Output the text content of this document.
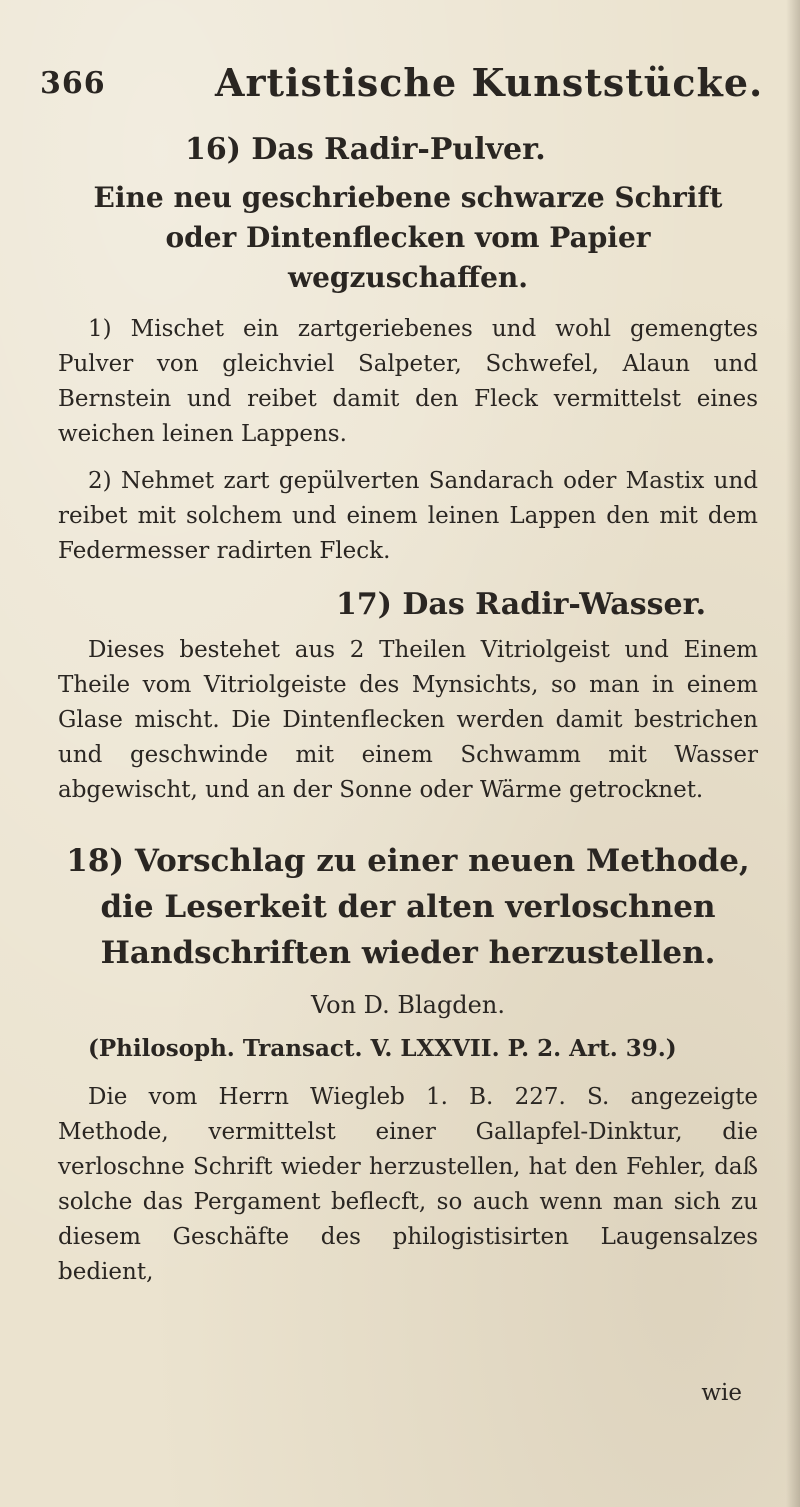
366	Artistische Kunststücke.
16) Das Radir-Pulver.
Eine neu geschriebene schwarze Schrift oder Dintenflecken vom Papier wegzuschaffen.

1) Mischet ein zartgeriebenes und wohl gemengtes Pulver von gleichviel Salpeter, Schwefel, Alaun und Bernstein und reibet damit den Fleck vermittelst eines weichen leinen Lappens.

2) Nehmet zart gepülverten Sandarach oder Mastix und reibet mit solchem und einem leinen Lappen den mit dem Federmesser radirten Fleck.

17) Das Radir-Wasser.

Dieses bestehet aus 2 Theilen Vitriolgeist und Einem Theile vom Vitriolgeiste des Mynsichts, so man in einem Glase mischt. Die Dintenflecken werden damit bestrichen und geschwinde mit einem Schwamm mit Wasser abgewischt, und an der Sonne oder Wärme getrocknet.

18) Vorschlag zu einer neuen Methode, die Leserkeit der alten verloschnen Handschriften wieder herzustellen.
Von D. Blagden.
(Philosoph. Transact. V. LXXVII. P. 2. Art. 39.)

Die vom Herrn Wiegleb 1. B. 227. S. angezeigte Methode, vermittelst einer Gallapfel-Dinktur, die verloschne Schrift wieder herzustellen, hat den Fehler, daß solche das Pergament beflecft, so auch wenn man sich zu diesem Geschäfte des philogistisirten Laugensalzes bedient,

wie
